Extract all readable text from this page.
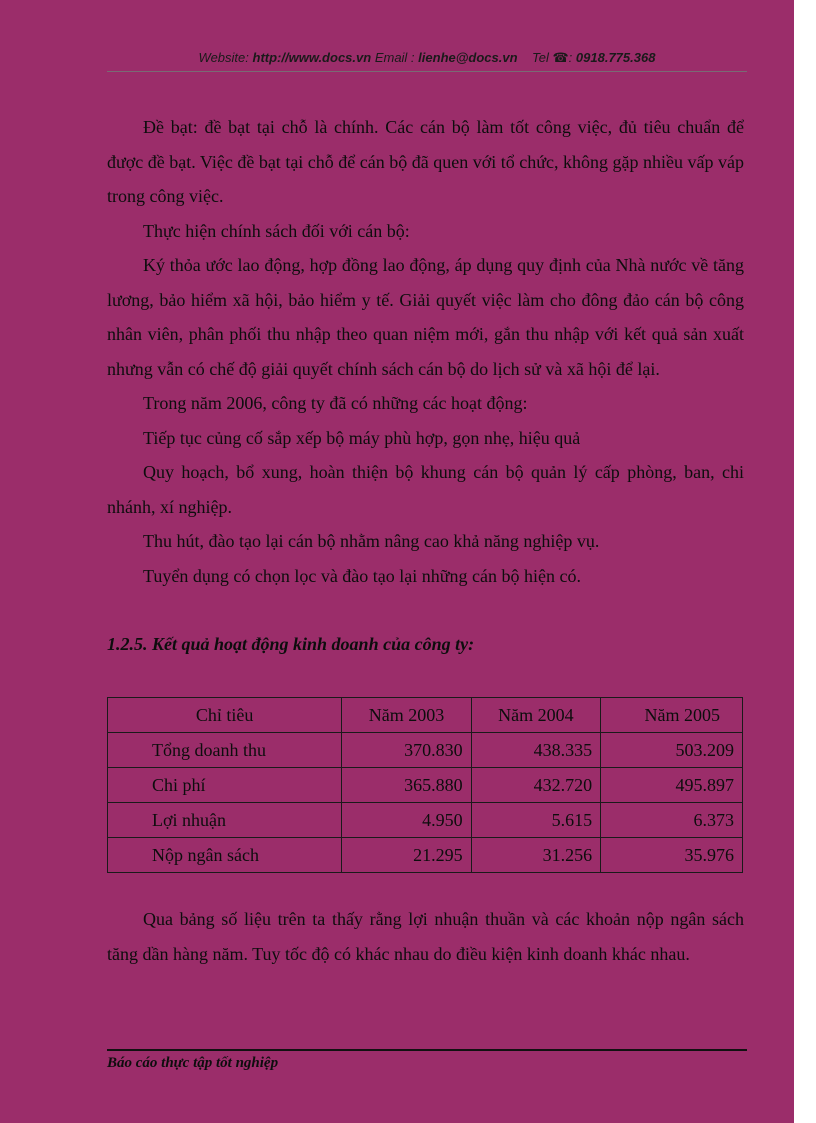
Website: http://www.docs.vn Email : lienhe@docs.vn Tel ☎: 0918.775.368

Đề bạt: đề bạt tại chỗ là chính. Các cán bộ làm tốt công việc, đủ tiêu chuẩn để được đề bạt. Việc đề bạt tại chỗ để cán bộ đã quen với tổ chức, không gặp nhiều vấp váp trong công việc.

Thực hiện chính sách đối với cán bộ:

Ký thỏa ước lao động, hợp đồng lao động, áp dụng quy định của Nhà nước về tăng lương, bảo hiểm xã hội, bảo hiểm y tế. Giải quyết việc làm cho đông đảo cán bộ công nhân viên, phân phối thu nhập theo quan niệm mới, gắn thu nhập với kết quả sản xuất nhưng vẫn có chế độ giải quyết chính sách cán bộ do lịch sử và xã hội để lại.

Trong năm 2006, công ty đã có những các hoạt động:

Tiếp tục củng cố sắp xếp bộ máy phù hợp, gọn nhẹ, hiệu quả

Quy hoạch, bổ xung, hoàn thiện bộ khung cán bộ quản lý cấp phòng, ban, chi nhánh, xí nghiệp.

Thu hút, đào tạo lại cán bộ nhằm nâng cao khả năng nghiệp vụ.

Tuyển dụng có chọn lọc và đào tạo lại những cán bộ hiện có.

1.2.5. Kết quả hoạt động kinh doanh của công ty:
Chỉ tiêu	Năm 2003	Năm 2004	Năm 2005
Tổng doanh thu	370.830	438.335	503.209
Chi phí	365.880	432.720	495.897
Lợi nhuận	4.950	5.615	6.373
Nộp ngân sách	21.295	31.256	35.976

Qua bảng số liệu trên ta thấy rằng lợi nhuận thuần và các khoản nộp ngân sách tăng dần hàng năm. Tuy tốc độ có khác nhau do điều kiện kinh doanh khác nhau.

Báo cáo thực tập tốt nghiệp
